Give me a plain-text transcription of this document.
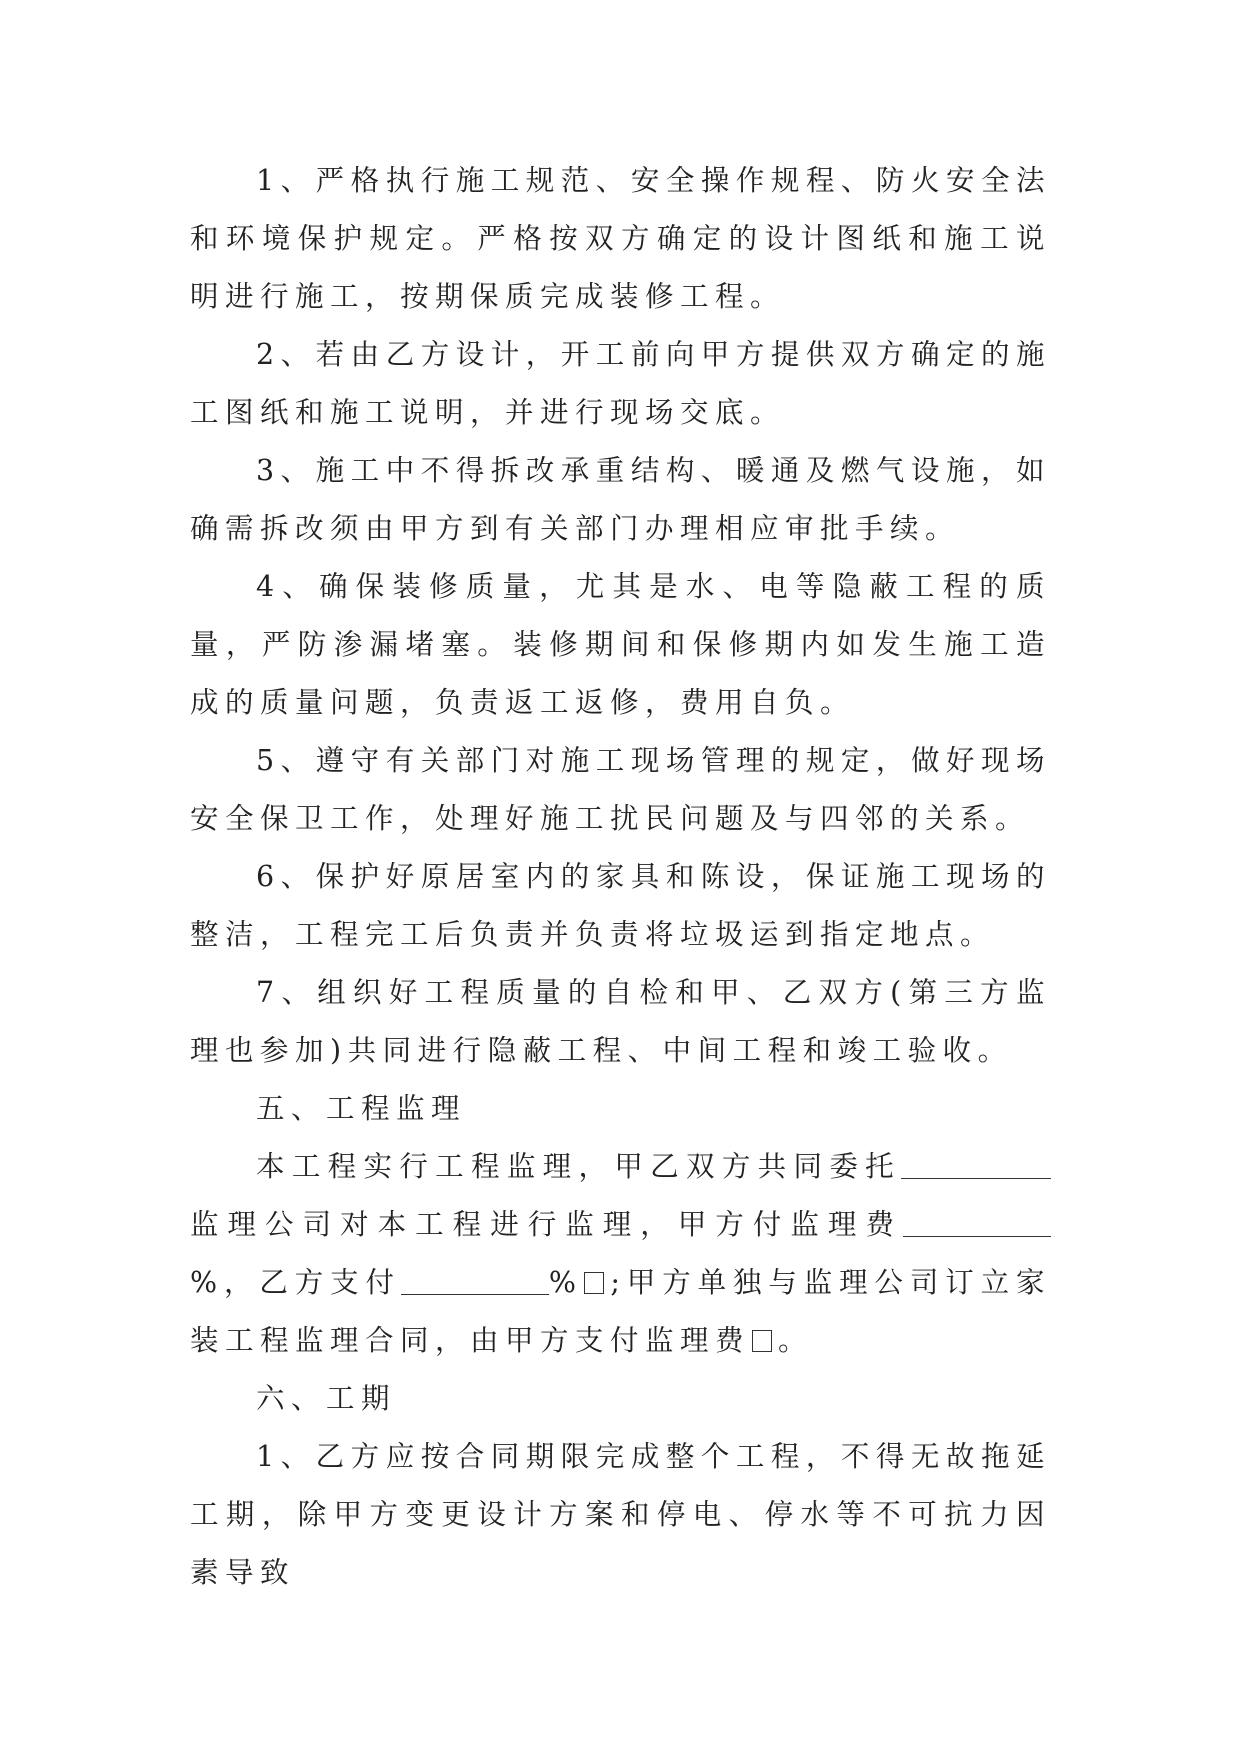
1、严格执行施工规范、安全操作规程、防火安全法和环境保护规定。严格按双方确定的设计图纸和施工说明进行施工，按期保质完成装修工程。

2、若由乙方设计，开工前向甲方提供双方确定的施工图纸和施工说明，并进行现场交底。

3、施工中不得拆改承重结构、暖通及燃气设施，如确需拆改须由甲方到有关部门办理相应审批手续。

4、确保装修质量，尤其是水、电等隐蔽工程的质量，严防渗漏堵塞。装修期间和保修期内如发生施工造成的质量问题，负责返工返修，费用自负。

5、遵守有关部门对施工现场管理的规定，做好现场安全保卫工作，处理好施工扰民问题及与四邻的关系。

6、保护好原居室内的家具和陈设，保证施工现场的整洁，工程完工后负责并负责将垃圾运到指定地点。

7、组织好工程质量的自检和甲、乙双方(第三方监理也参加)共同进行隐蔽工程、中间工程和竣工验收。

五、工程监理

本工程实行工程监理，甲乙双方共同委托监理公司对本工程进行监理，甲方付监理费%，乙方支付	% ;甲方单独与监理公司订立家装工程监理合同，由甲方支付监理费 。

六、工期

1、乙方应按合同期限完成整个工程，不得无故拖延工期，除甲方变更设计方案和停电、停水等不可抗力因素导致
